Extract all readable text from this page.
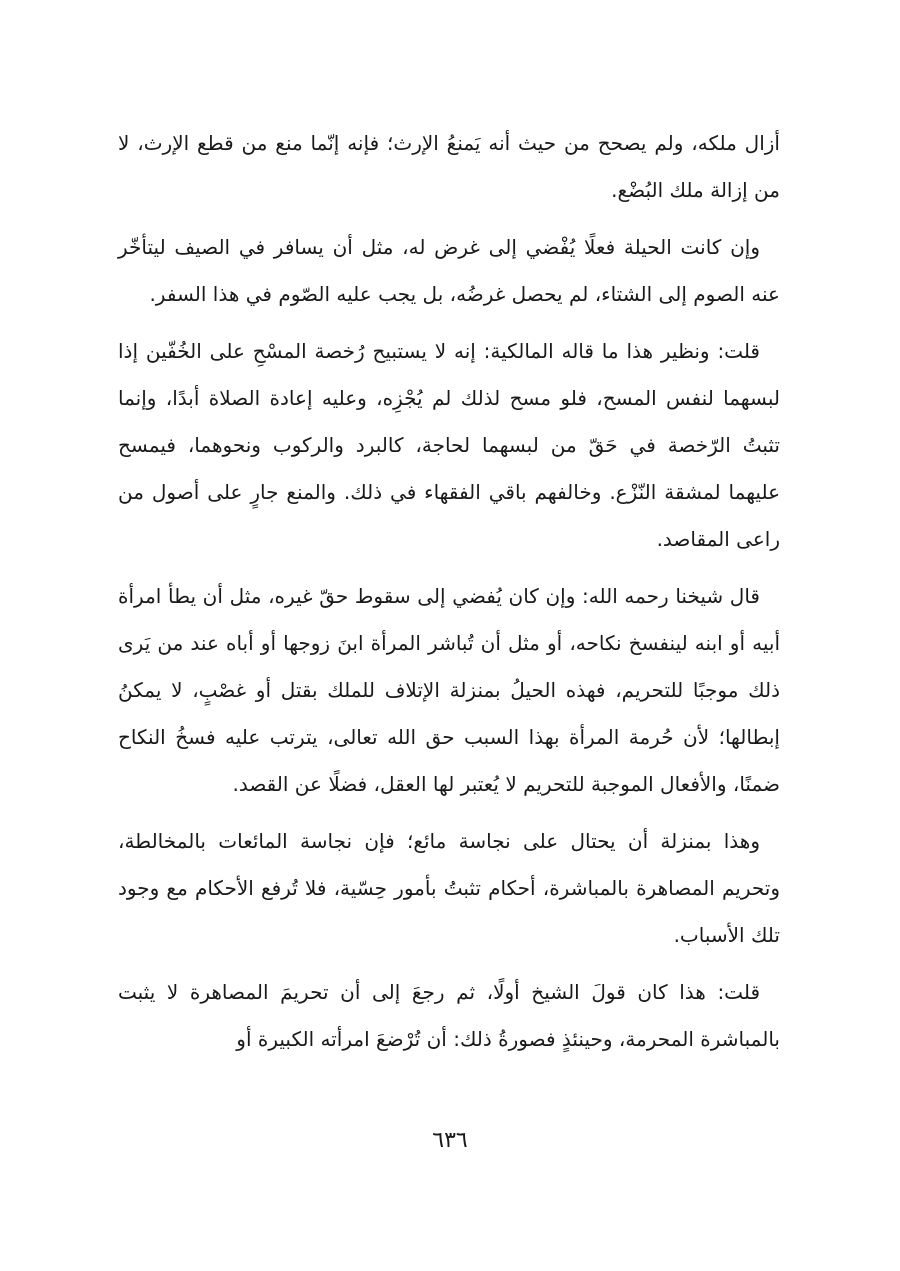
أزال ملكه، ولم يصحح من حيث أنه يَمنعُ الإرث؛ فإنه إنّما منع من قطع الإرث، لا من إزالة ملك البُضْع.

وإن كانت الحيلة فعلًا يُفْضي إلى غرض له، مثل أن يسافر في الصيف ليتأخّر عنه الصوم إلى الشتاء، لم يحصل غرضُه، بل يجب عليه الصّوم في هذا السفر.

قلت: ونظير هذا ما قاله المالكية: إنه لا يستبيح رُخصة المسْحِ على الخُفّين إذا لبسهما لنفس المسح، فلو مسح لذلك لم يُجْزِه، وعليه إعادة الصلاة أبدًا، وإنما تثبتُ الرّخصة في حَقّ من لبسهما لحاجة، كالبرد والركوب ونحوهما، فيمسح عليهما لمشقة النّزْع. وخالفهم باقي الفقهاء في ذلك. والمنع جارٍ على أصول من راعى المقاصد.

قال شيخنا رحمه الله: وإن كان يُفضي إلى سقوط حقّ غيره، مثل أن يطأ امرأة أبيه أو ابنه لينفسخ نكاحه، أو مثل أن تُباشر المرأة ابنَ زوجها أو أباه عند من يَرى ذلك موجبًا للتحريم، فهذه الحيلُ بمنزلة الإتلاف للملك بقتل أو غصْبٍ، لا يمكنُ إبطالها؛ لأن حُرمة المرأة بهذا السبب حق الله تعالى، يترتب عليه فسخُ النكاح ضمنًا، والأفعال الموجبة للتحريم لا يُعتبر لها العقل، فضلًا عن القصد.

وهذا بمنزلة أن يحتال على نجاسة مائع؛ فإن نجاسة المائعات بالمخالطة، وتحريم المصاهرة بالمباشرة، أحكام تثبتُ بأمور حِسّية، فلا تُرفع الأحكام مع وجود تلك الأسباب.

قلت: هذا كان قولَ الشيخ أولًا، ثم رجعَ إلى أن تحريمَ المصاهرة لا يثبت بالمباشرة المحرمة، وحينئذٍ فصورةُ ذلك: أن تُرْضعَ امرأته الكبيرة أو

٦٣٦
